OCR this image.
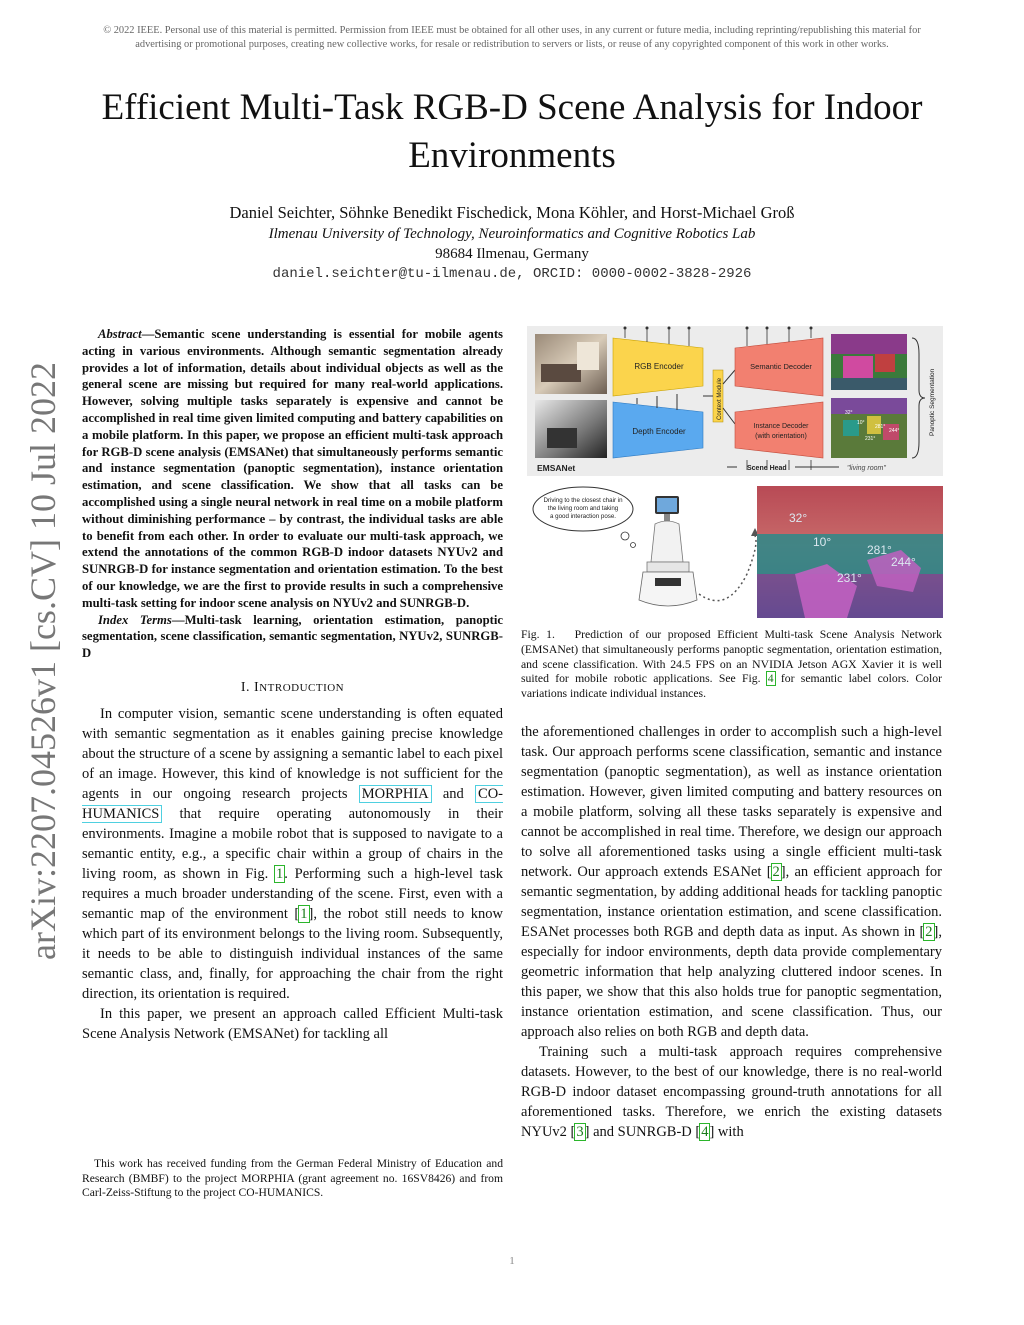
© 2022 IEEE. Personal use of this material is permitted. Permission from IEEE must be obtained for all other uses, in any current or future media, including reprinting/republishing this material for advertising or promotional purposes, creating new collective works, for resale or redistribution to servers or lists, or reuse of any copyrighted component of this work in other works.
Efficient Multi-Task RGB-D Scene Analysis for Indoor Environments
Daniel Seichter, Söhnke Benedikt Fischedick, Mona Köhler, and Horst-Michael Groß
Ilmenau University of Technology, Neuroinformatics and Cognitive Robotics Lab
98684 Ilmenau, Germany
daniel.seichter@tu-ilmenau.de, ORCID: 0000-0002-3828-2926
arXiv:2207.04526v1 [cs.CV] 10 Jul 2022

Abstract—Semantic scene understanding is essential for mobile agents acting in various environments. Although semantic segmentation already provides a lot of information, details about individual objects as well as the general scene are missing but required for many real-world applications. However, solving multiple tasks separately is expensive and cannot be accomplished in real time given limited computing and battery capabilities on a mobile platform. In this paper, we propose an efficient multi-task approach for RGB-D scene analysis (EMSANet) that simultaneously performs semantic and instance segmentation (panoptic segmentation), instance orientation estimation, and scene classification. We show that all tasks can be accomplished using a single neural network in real time on a mobile platform without diminishing performance – by contrast, the individual tasks are able to benefit from each other. In order to evaluate our multi-task approach, we extend the annotations of the common RGB-D indoor datasets NYUv2 and SUNRGB-D for instance segmentation and orientation estimation. To the best of our knowledge, we are the first to provide results in such a comprehensive multi-task setting for indoor scene analysis on NYUv2 and SUNRGB-D.

Index Terms—Multi-task learning, orientation estimation, panoptic segmentation, scene classification, semantic segmentation, NYUv2, SUNRGB-D

I. INTRODUCTION

In computer vision, semantic scene understanding is often equated with semantic segmentation as it enables gaining precise knowledge about the structure of a scene by assigning a semantic label to each pixel of an image. However, this kind of knowledge is not sufficient for the agents in our ongoing research projects MORPHIA and CO-HUMANICS that require operating autonomously in their environments. Imagine a mobile robot that is supposed to navigate to a semantic entity, e.g., a specific chair within a group of chairs in the living room, as shown in Fig. 1. Performing such a high-level task requires a much broader understanding of the scene. First, even with a semantic map of the environment [1], the robot still needs to know which part of its environment belongs to the living room. Subsequently, it needs to be able to distinguish individual instances of the same semantic class, and, finally, for approaching the chair from the right direction, its orientation is required.

In this paper, we present an approach called Efficient Multi-task Scene Analysis Network (EMSANet) for tackling all

This work has received funding from the German Federal Ministry of Education and Research (BMBF) to the project MORPHIA (grant agreement no. 16SV8426) and from Carl-Zeiss-Stiftung to the project CO-HUMANICS.
RGB Encoder
Depth Encoder
Context Module
Semantic Decoder
Instance Decoder
(with orientation)
32°
10°
281°
244°
231°
Panoptic Segmentation
EMSANet	Scene Head	"living room"
Driving to the closest chair in
the living room and taking
a good interaction pose.	32°
10°
281°
244°
231°
Fig. 1. Prediction of our proposed Efficient Multi-task Scene Analysis Network (EMSANet) that simultaneously performs panoptic segmentation, orientation estimation, and scene classification. With 24.5 FPS on an NVIDIA Jetson AGX Xavier it is well suited for mobile robotic applications. See Fig. 4 for semantic label colors. Color variations indicate individual instances.

the aforementioned challenges in order to accomplish such a high-level task. Our approach performs scene classification, semantic and instance segmentation (panoptic segmentation), as well as instance orientation estimation. However, given limited computing and battery resources on a mobile platform, solving all these tasks separately is expensive and cannot be accomplished in real time. Therefore, we design our approach to solve all aforementioned tasks using a single efficient multi-task network. Our approach extends ESANet [2], an efficient approach for semantic segmentation, by adding additional heads for tackling panoptic segmentation, instance orientation estimation, and scene classification. ESANet processes both RGB and depth data as input. As shown in [2], especially for indoor environments, depth data provide complementary geometric information that help analyzing cluttered indoor scenes. In this paper, we show that this also holds true for panoptic segmentation, instance orientation estimation, and scene classification. Thus, our approach also relies on both RGB and depth data.

Training such a multi-task approach requires comprehensive datasets. However, to the best of our knowledge, there is no real-world RGB-D indoor dataset encompassing ground-truth annotations for all aforementioned tasks. Therefore, we enrich the existing datasets NYUv2 [3] and SUNRGB-D [4] with

1
